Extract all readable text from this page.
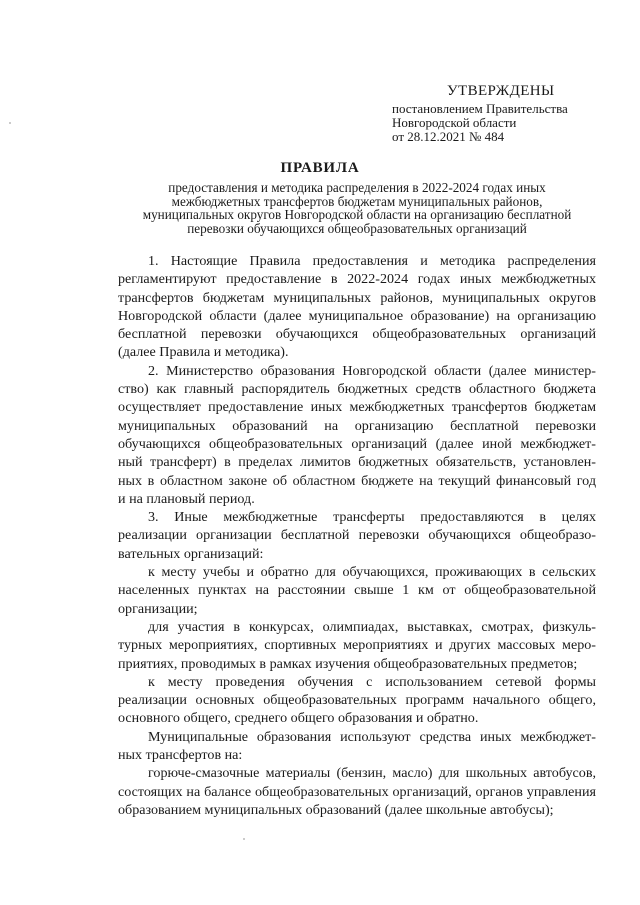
УТВЕРЖДЕНЫ
постановлением Правительства
Новгородской области
от 28.12.2021 № 484
ПРАВИЛА
предоставления и методика распределения в 2022-2024 годах иных
межбюджетных трансфертов бюджетам муниципальных районов,
муниципальных округов Новгородской области на организацию бесплатной
перевозки обучающихся общеобразовательных организаций
1. Настоящие Правила предоставления и методика распределения
регламентируют предоставление в 2022-2024 годах иных межбюджетных
трансфертов бюджетам муниципальных районов, муниципальных округов
Новгородской области (далее муниципальное образование) на организацию
бесплатной перевозки обучающихся общеобразовательных организаций
(далее Правила и методика).
2. Министерство образования Новгородской области (далее министер-
ство) как главный распорядитель бюджетных средств областного бюджета
осуществляет предоставление иных межбюджетных трансфертов бюджетам
муниципальных образований на организацию бесплатной перевозки
обучающихся общеобразовательных организаций (далее иной межбюджет-
ный трансферт) в пределах лимитов бюджетных обязательств, установлен-
ных в областном законе об областном бюджете на текущий финансовый год
и на плановый период.
3. Иные межбюджетные трансферты предоставляются в целях
реализации организации бесплатной перевозки обучающихся общеобразо-
вательных организаций:
к месту учебы и обратно для обучающихся, проживающих в сельских
населенных пунктах на расстоянии свыше 1 км от общеобразовательной
организации;
для участия в конкурсах, олимпиадах, выставках, смотрах, физкуль-
турных мероприятиях, спортивных мероприятиях и других массовых меро-
приятиях, проводимых в рамках изучения общеобразовательных предметов;
к месту проведения обучения с использованием сетевой формы
реализации основных общеобразовательных программ начального общего,
основного общего, среднего общего образования и обратно.
Муниципальные образования используют средства иных межбюджет-
ных трансфертов на:
горюче-смазочные материалы (бензин, масло) для школьных автобусов,
состоящих на балансе общеобразовательных организаций, органов управления
образованием муниципальных образований (далее школьные автобусы);
